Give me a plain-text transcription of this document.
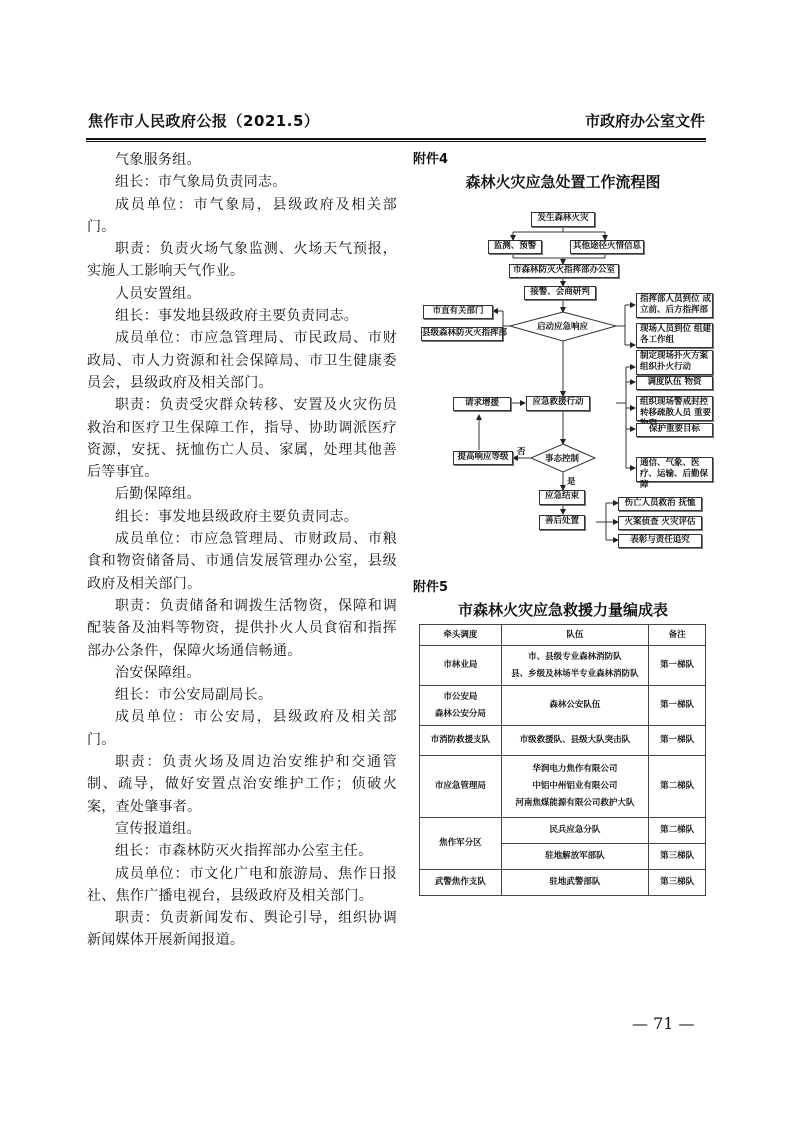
焦作市人民政府公报（2021.5）	市政府办公室文件

气象服务组。

组长：市气象局负责同志。

成员单位：市气象局，县级政府及相关部门。

职责：负责火场气象监测、火场天气预报，实施人工影响天气作业。

人员安置组。

组长：事发地县级政府主要负责同志。

成员单位：市应急管理局、市民政局、市财政局、市人力资源和社会保障局、市卫生健康委员会，县级政府及相关部门。

职责：负责受灾群众转移、安置及火灾伤员救治和医疗卫生保障工作，指导、协助调派医疗资源，安抚、抚恤伤亡人员、家属，处理其他善后等事宜。

后勤保障组。

组长：事发地县级政府主要负责同志。

成员单位：市应急管理局、市财政局、市粮食和物资储备局、市通信发展管理办公室，县级政府及相关部门。

职责：负责储备和调拨生活物资，保障和调配装备及油料等物资，提供扑火人员食宿和指挥部办公条件，保障火场通信畅通。

治安保障组。

组长：市公安局副局长。

成员单位：市公安局，县级政府及相关部门。

职责：负责火场及周边治安维护和交通管制、疏导，做好安置点治安维护工作；侦破火案，查处肇事者。

宣传报道组。

组长：市森林防灭火指挥部办公室主任。

成员单位：市文化广电和旅游局、焦作日报社、焦作广播电视台，县级政府及相关部门。

职责：负责新闻发布、舆论引导，组织协调新闻媒体开展新闻报道。

附件4

森林火灾应急处置工作流程图

发生森林火灾
监测、预警	其他途径火情信息
市森林防灭火指挥部办公室
接警、会商研判
启动应急响应
市直有关部门
县级森林防灭火指挥部
指挥部人员到位 成立前、后方指挥部
现场人员到位 组建各工作组
制定现场扑火方案 组织扑火行动
调度队伍 物资
组织现场警戒封控 转移疏散人员 重要
保护重要目标
通信、气象、医疗、运输、后勤保障
应急救援行动
请求增援
提高响应等级	事态控制
否
是
应急结束
善后处置
伤亡人员救治 抚恤
火案侦查 火灾评估
表彰与责任追究

附件5

市森林火灾应急救援力量编成表

牵头调度	队伍	备注
市林业局	市、县级专业森林消防队
县、乡级及林场半专业森林消防队	第一梯队

市公安局
森林公安分局	森林公安队伍	第一梯队
市消防救援支队	市级救援队、县级大队突击队	第一梯队
市应急管理局	华润电力焦作有限公司
中铝中州铝业有限公司
河南焦煤能源有限公司救护大队	第二梯队
焦作军分区	民兵应急分队	第二梯队
	驻地解放军部队	第三梯队
武警焦作支队	驻地武警部队	第三梯队
— 71 —
